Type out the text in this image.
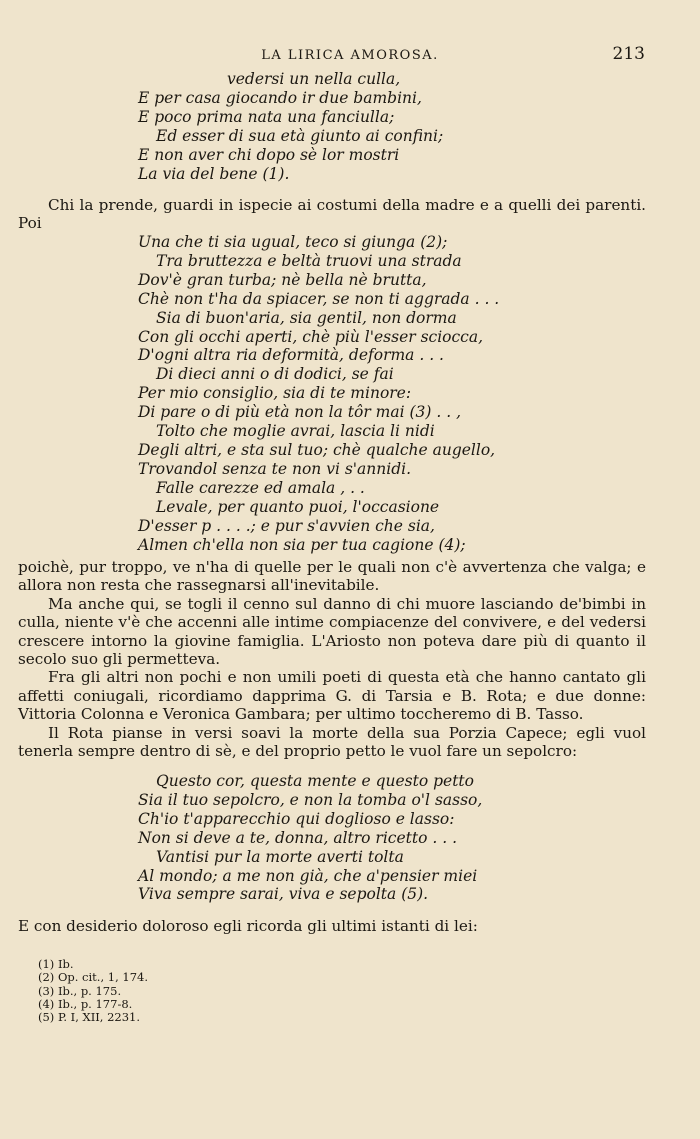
LA LIRICA AMOROSA.	213
vedersi un nella culla,
E per casa giocando ir due bambini,
E poco prima nata una fanciulla;
Ed esser di sua età giunto ai confini;
E non aver chi dopo sè lor mostri
La via del bene (1).

Chi la prende, guardi in ispecie ai costumi della madre e a quelli dei parenti. Poi

Una che ti sia ugual, teco si giunga (2);
Tra bruttezza e beltà truovi una strada
Dov'è gran turba; nè bella nè brutta,
Chè non t'ha da spiacer, se non ti aggrada . . .
Sia di buon'aria, sia gentil, non dorma
Con gli occhi aperti, chè più l'esser sciocca,
D'ogni altra ria deformità, deforma . . .
Di dieci anni o di dodici, se fai
Per mio consiglio, sia di te minore:
Di pare o di più età non la tôr mai (3) . . ,
Tolto che moglie avrai, lascia li nidi
Degli altri, e sta sul tuo; chè qualche augello,
Trovandol senza te non vi s'annidi.
Falle carezze ed amala , . .
Levale, per quanto puoi, l'occasione
D'esser p . . . .; e pur s'avvien che sia,
Almen ch'ella non sia per tua cagione (4);

poichè, pur troppo, ve n'ha di quelle per le quali non c'è avvertenza che valga; e allora non resta che rassegnarsi all'inevitabile.

Ma anche qui, se togli il cenno sul danno di chi muore lasciando de'bimbi in culla, niente v'è che accenni alle intime compiacenze del convivere, e del vedersi crescere intorno la giovine famiglia. L'Ariosto non poteva dare più di quanto il secolo suo gli permetteva.

Fra gli altri non pochi e non umili poeti di questa età che hanno cantato gli affetti coniugali, ricordiamo dapprima G. di Tarsia e B. Rota; e due donne: Vittoria Colonna e Veronica Gambara; per ultimo toccheremo di B. Tasso.

Il Rota pianse in versi soavi la morte della sua Porzia Capece; egli vuol tenerla sempre dentro di sè, e del proprio petto le vuol fare un sepolcro:

Questo cor, questa mente e questo petto
Sia il tuo sepolcro, e non la tomba o'l sasso,
Ch'io t'apparecchio qui doglioso e lasso:
Non si deve a te, donna, altro ricetto . . .
Vantisi pur la morte averti tolta
Al mondo; a me non già, che a'pensier miei
Viva sempre sarai, viva e sepolta (5).

E con desiderio doloroso egli ricorda gli ultimi istanti di lei:

(1) Ib.
(2) Op. cit., 1, 174.
(3) Ib., p. 175.
(4) Ib., p. 177-8.
(5) P. I, XII, 2231.
